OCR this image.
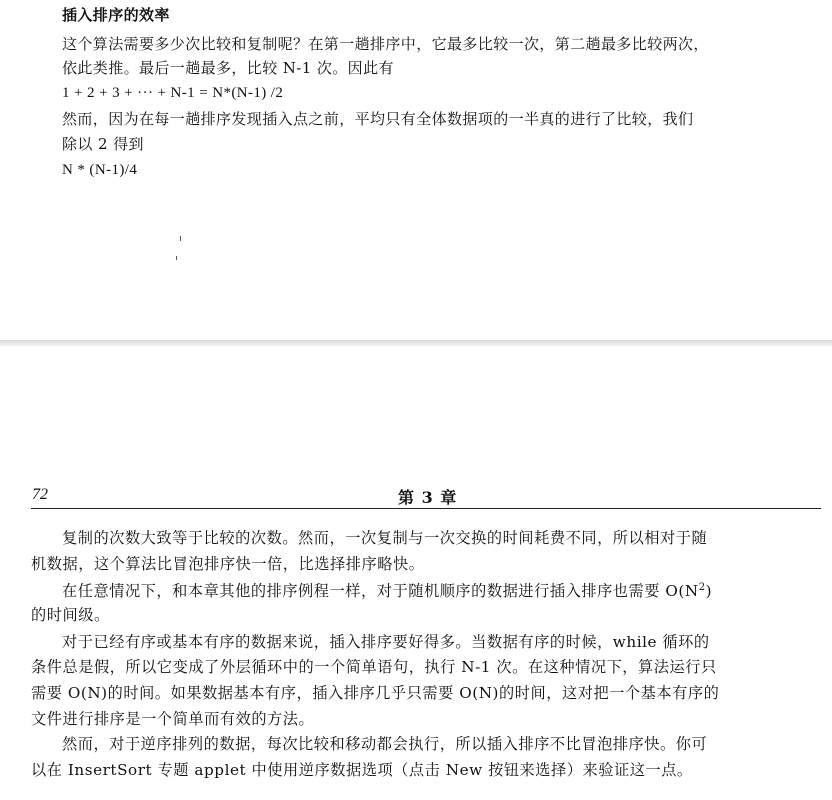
插入排序的效率
这个算法需要多少次比较和复制呢？在第一趟排序中，它最多比较一次，第二趟最多比较两次，
依此类推。最后一趟最多，比较 N-1 次。因此有
1 + 2 + 3 + ··· + N-1 = N*(N-1) /2
然而，因为在每一趟排序发现插入点之前，平均只有全体数据项的一半真的进行了比较，我们
除以 2 得到
N * (N-1)/4
72	第 3 章
复制的次数大致等于比较的次数。然而，一次复制与一次交换的时间耗费不同，所以相对于随
机数据，这个算法比冒泡排序快一倍，比选择排序略快。
在任意情况下，和本章其他的排序例程一样，对于随机顺序的数据进行插入排序也需要 $O(N^2)$
的时间级。
对于已经有序或基本有序的数据来说，插入排序要好得多。当数据有序的时候，while 循环的
条件总是假，所以它变成了外层循环中的一个简单语句，执行 N-1 次。在这种情况下，算法运行只
需要 O(N)的时间。如果数据基本有序，插入排序几乎只需要 O(N)的时间，这对把一个基本有序的
文件进行排序是一个简单而有效的方法。
然而，对于逆序排列的数据，每次比较和移动都会执行，所以插入排序不比冒泡排序快。你可
以在 InsertSort 专题 applet 中使用逆序数据选项（点击 New 按钮来选择）来验证这一点。
